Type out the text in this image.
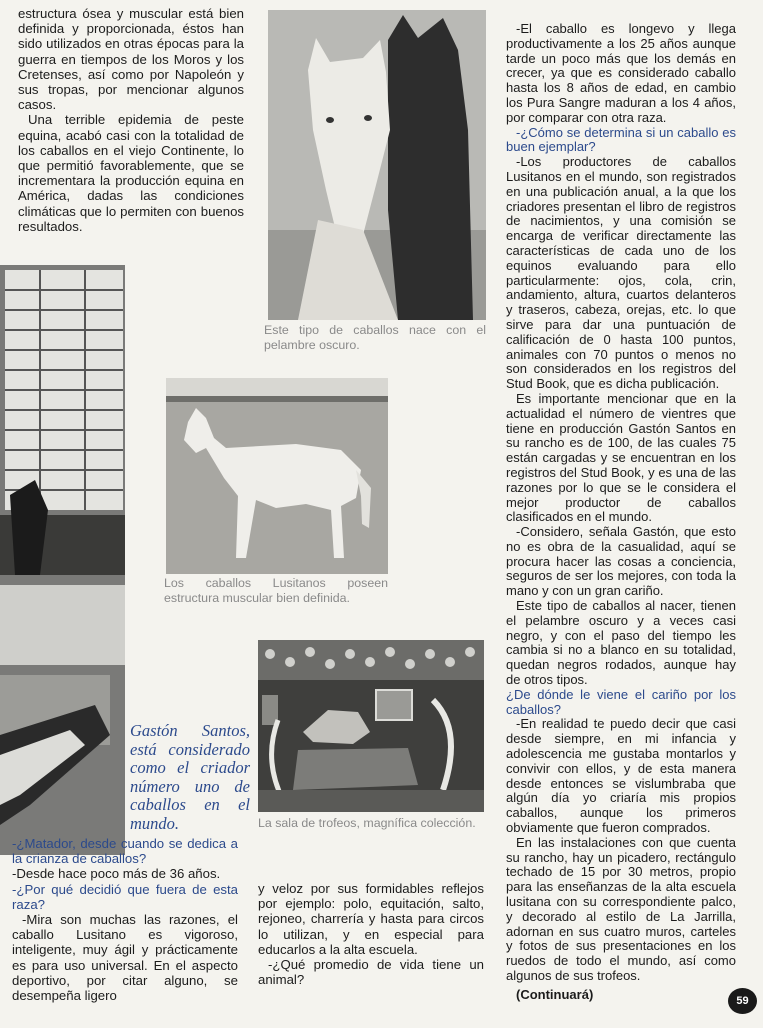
estructura ósea y muscular está bien definida y proporcionada, éstos han sido utilizados en otras épocas para la guerra en tiempos de los Moros y los Cretenses, así como por Napoleón y sus tropas, por mencionar algunos casos.

Una terrible epidemia de peste equina, acabó casi con la totalidad de los caballos en el viejo Continente, lo que permitió favorablemente, que se incrementara la producción equina en América, dadas las condiciones climáticas que lo permiten con buenos resultados.

Este tipo de caballos nace con el pelambre oscuro.
Los caballos Lusitanos poseen estructura muscular bien definida.
La sala de trofeos, magnífica colección.
Gastón Santos, está considerado como el criador número uno de caballos en el mundo.

-¿Matador, desde cuando se dedica a la crianza de caballos?

-Desde hace poco más de 36 años.

-¿Por qué decidió que fuera de esta raza?

-Mira son muchas las razones, el caballo Lusitano es vigoroso, inteligente, muy ágil y prácticamente es para uso universal. En el aspecto deportivo, por citar alguno, se desempeña ligero

y veloz por sus formidables reflejos por ejemplo: polo, equitación, salto, rejoneo, charrería y hasta para circos lo utilizan, y en especial para educarlos a la alta escuela.

-¿Qué promedio de vida tiene un animal?

-El caballo es longevo y llega productivamente a los 25 años aunque tarde un poco más que los demás en crecer, ya que es considerado caballo hasta los 8 años de edad, en cambio los Pura Sangre maduran a los 4 años, por comparar con otra raza.

-¿Cómo se determina si un caballo es buen ejemplar?

-Los productores de caballos Lusitanos en el mundo, son registrados en una publicación anual, a la que los criadores presentan el libro de registros de nacimientos, y una comisión se encarga de verificar directamente las características de cada uno de los equinos evaluando para ello particularmente: ojos, cola, crin, andamiento, altura, cuartos delanteros y traseros, cabeza, orejas, etc. lo que sirve para dar una puntuación de calificación de 0 hasta 100 puntos, animales con 70 puntos o menos no son considerados en los registros del Stud Book, que es dicha publicación.

Es importante mencionar que en la actualidad el número de vientres que tiene en producción Gastón Santos en su rancho es de 100, de las cuales 75 están cargadas y se encuentran en los registros del Stud Book, y es una de las razones por lo que se le considera el mejor productor de caballos clasificados en el mundo.

-Considero, señala Gastón, que esto no es obra de la casualidad, aquí se procura hacer las cosas a conciencia, seguros de ser los mejores, con toda la mano y con un gran cariño.

Este tipo de caballos al nacer, tienen el pelambre oscuro y a veces casi negro, y con el paso del tiempo les cambia si no a blanco en su totalidad, quedan negros rodados, aunque hay de otros tipos.

¿De dónde le viene el cariño por los caballos?

-En realidad te puedo decir que casi desde siempre, en mi infancia y adolescencia me gustaba montarlos y convivir con ellos, y de esta manera desde entonces se vislumbraba que algún día yo criaría mis propios caballos, aunque los primeros obviamente que fueron comprados.

En las instalaciones con que cuenta su rancho, hay un picadero, rectángulo techado de 15 por 30 metros, propio para las enseñanzas de la alta escuela lusitana con su correspondiente palco, y decorado al estilo de La Jarrilla, adornan en sus cuatro muros, carteles y fotos de sus presentaciones en los ruedos de todo el mundo, así como algunos de sus trofeos.

(Continuará)	59
